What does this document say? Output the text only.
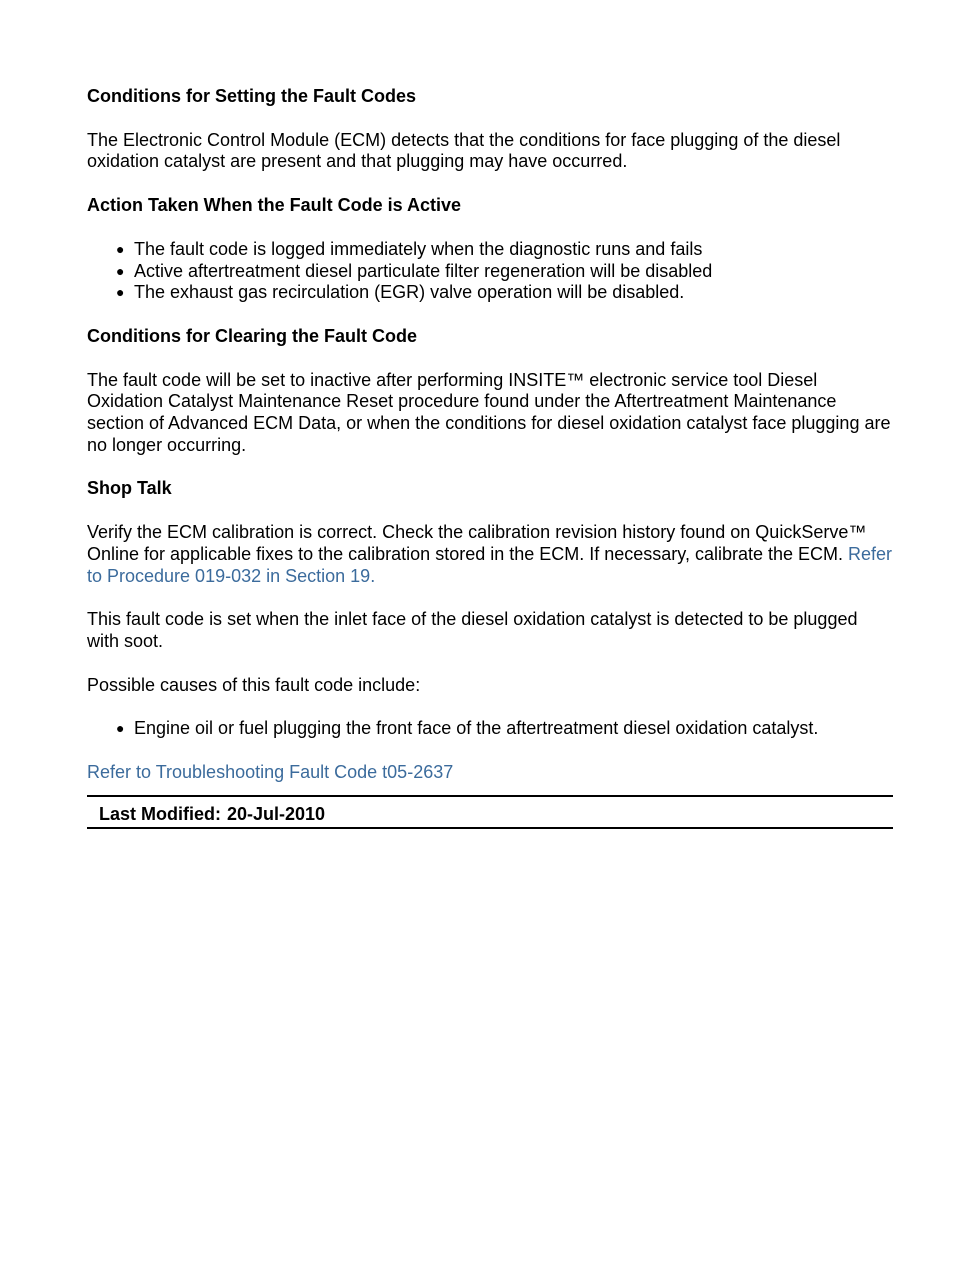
Conditions for Setting the Fault Codes
The Electronic Control Module (ECM) detects that the conditions for face plugging of the diesel oxidation catalyst are present and that plugging may have occurred.
Action Taken When the Fault Code is Active
● The fault code is logged immediately when the diagnostic runs and fails
● Active aftertreatment diesel particulate filter regeneration will be disabled
● The exhaust gas recirculation (EGR) valve operation will be disabled.
Conditions for Clearing the Fault Code
The fault code will be set to inactive after performing INSITE™ electronic service tool Diesel Oxidation Catalyst Maintenance Reset procedure found under the Aftertreatment Maintenance section of Advanced ECM Data, or when the conditions for diesel oxidation catalyst face plugging are no longer occurring.
Shop Talk
Verify the ECM calibration is correct. Check the calibration revision history found on QuickServe™ Online for applicable fixes to the calibration stored in the ECM. If necessary, calibrate the ECM. Refer to Procedure 019-032 in Section 19.
This fault code is set when the inlet face of the diesel oxidation catalyst is detected to be plugged with soot.
Possible causes of this fault code include:
● Engine oil or fuel plugging the front face of the aftertreatment diesel oxidation catalyst.
Refer to Troubleshooting Fault Code t05-2637
Last Modified: 20-Jul-2010
